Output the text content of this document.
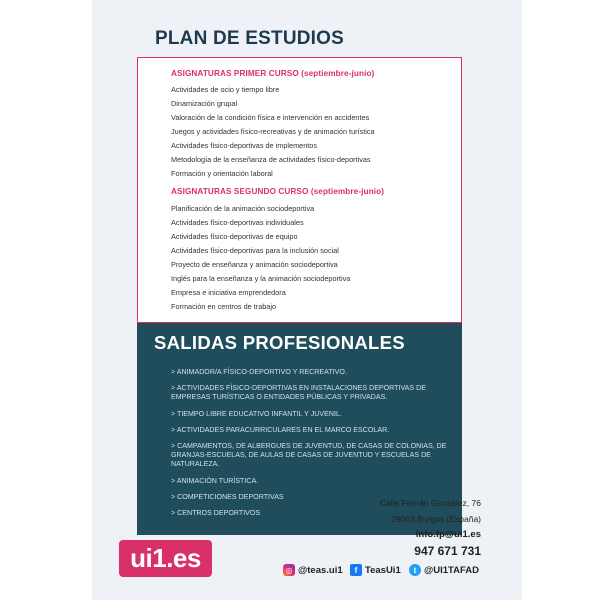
PLAN DE ESTUDIOS
ASIGNATURAS PRIMER CURSO (septiembre-junio)
Actividades de ocio y tiempo libre
Dinamización grupal
Valoración de la condición física e intervención en accidentes
Juegos y actividades físico-recreativas y de animación turística
Actividades físico-deportivas de implementos
Metodología de la enseñanza de actividades físico-deportivas
Formación y orientación laboral
ASIGNATURAS SEGUNDO CURSO (septiembre-junio)
Planificación de la animación sociodeportiva
Actividades físico-deportivas individuales
Actividades físico-deportivas de equipo
Actividades físico-deportivas para la inclusión social
Proyecto de enseñanza y animación sociodeportiva
Inglés para la enseñanza y la animación sociodeportiva
Empresa e iniciativa emprendedora
Formación en centros de trabajo
SALIDAS PROFESIONALES
> ANIMADOR/A FÍSICO-DEPORTIVO Y RECREATIVO.
> ACTIVIDADES FÍSICO-DEPORTIVAS EN INSTALACIONES DEPORTIVAS DE EMPRESAS TURÍSTICAS O ENTIDADES PÚBLICAS Y PRIVADAS.
> TIEMPO LIBRE EDUCATIVO INFANTIL Y JUVENIL.
> ACTIVIDADES PARACURRICULARES EN EL MARCO ESCOLAR.
> CAMPAMENTOS, DE ALBERGUES DE JUVENTUD, DE CASAS DE COLONIAS, DE GRANJAS-ESCUELAS, DE AULAS DE CASAS DE JUVENTUD Y ESCUELAS DE NATURALEZA.
> ANIMACIÓN TURÍSTICA.
> COMPETICIONES DEPORTIVAS
> CENTROS DEPORTIVOS
Calle Fernán González, 76
09003 Burgos (España)
info.fp@ui1.es
947 671 731
ui1.es	◎ @teas.ui1	f TeasUi1	t @UI1TAFAD
